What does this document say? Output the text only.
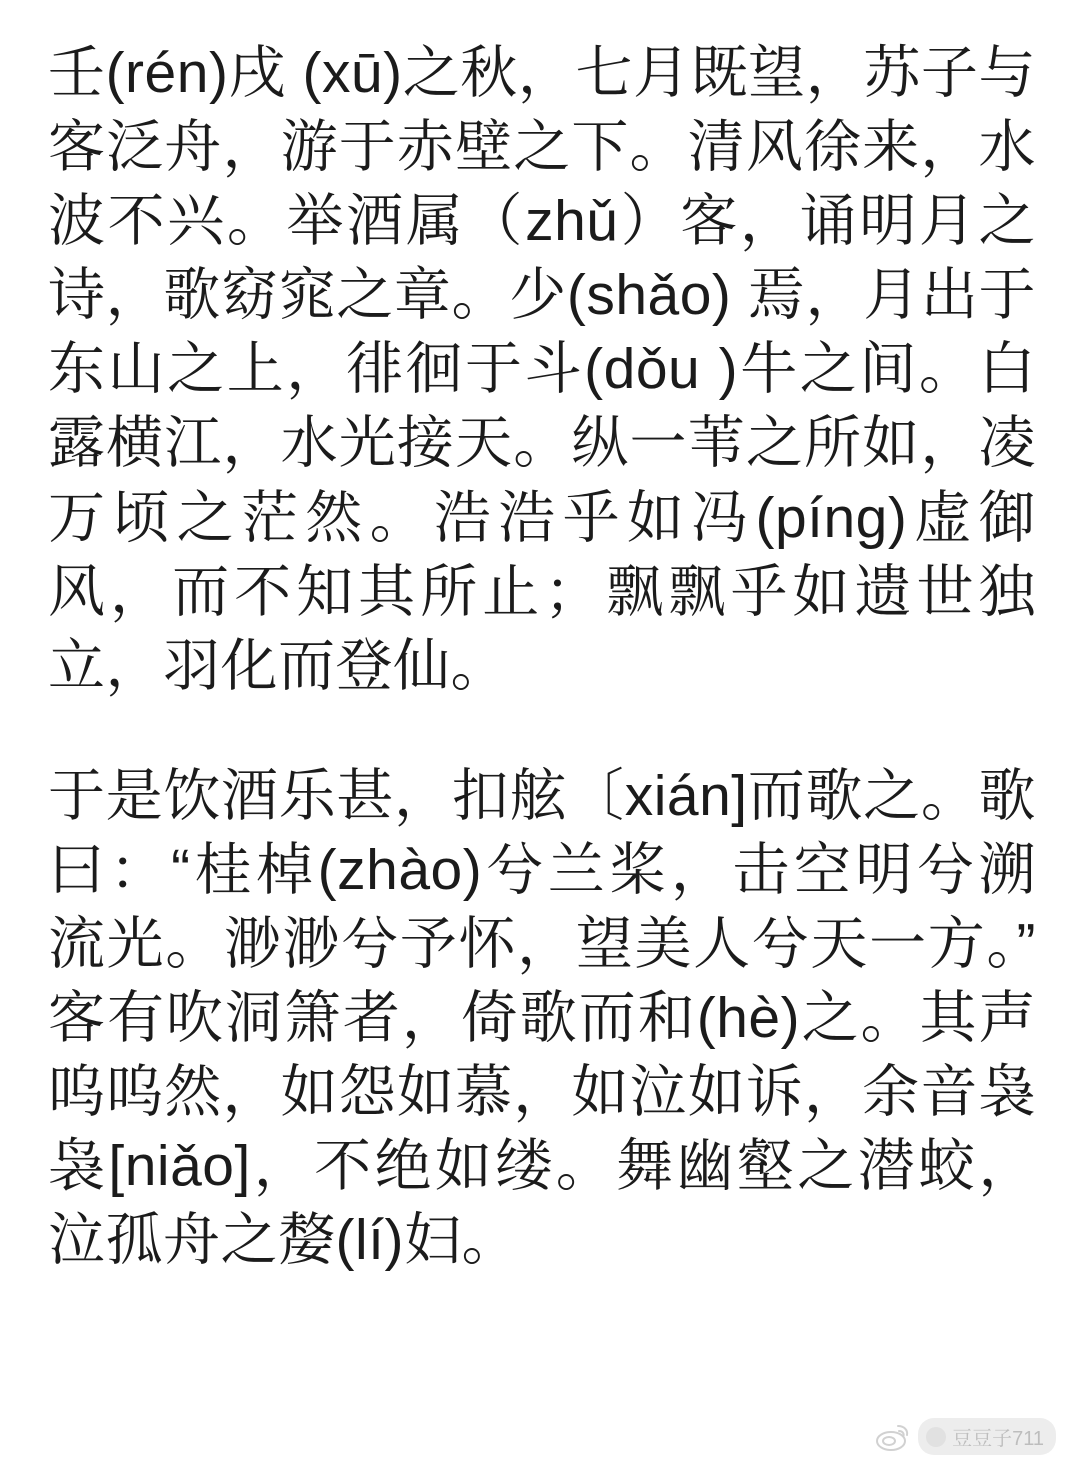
壬(rén)戌 (xū)之秋，七月既望，苏子与客泛舟，游于赤壁之下。清风徐来，水波不兴。举酒属（zhǔ）客，诵明月之诗，歌窈窕之章。少(shǎo) 焉，月出于东山之上，徘徊于斗(dǒu )牛之间。白露横江，水光接天。纵一苇之所如，凌万顷之茫然。浩浩乎如冯(píng)虚御风，而不知其所止；飘飘乎如遗世独立，羽化而登仙。

于是饮酒乐甚，扣舷〔xián]而歌之。歌曰：“桂棹(zhào)兮兰桨，击空明兮溯流光。渺渺兮予怀，望美人兮天一方。”客有吹洞箫者，倚歌而和(hè)之。其声呜呜然，如怨如慕，如泣如诉，余音袅袅[niǎo]，不绝如缕。舞幽壑之潜蛟，泣孤舟之嫠(lí)妇。

豆豆子711
